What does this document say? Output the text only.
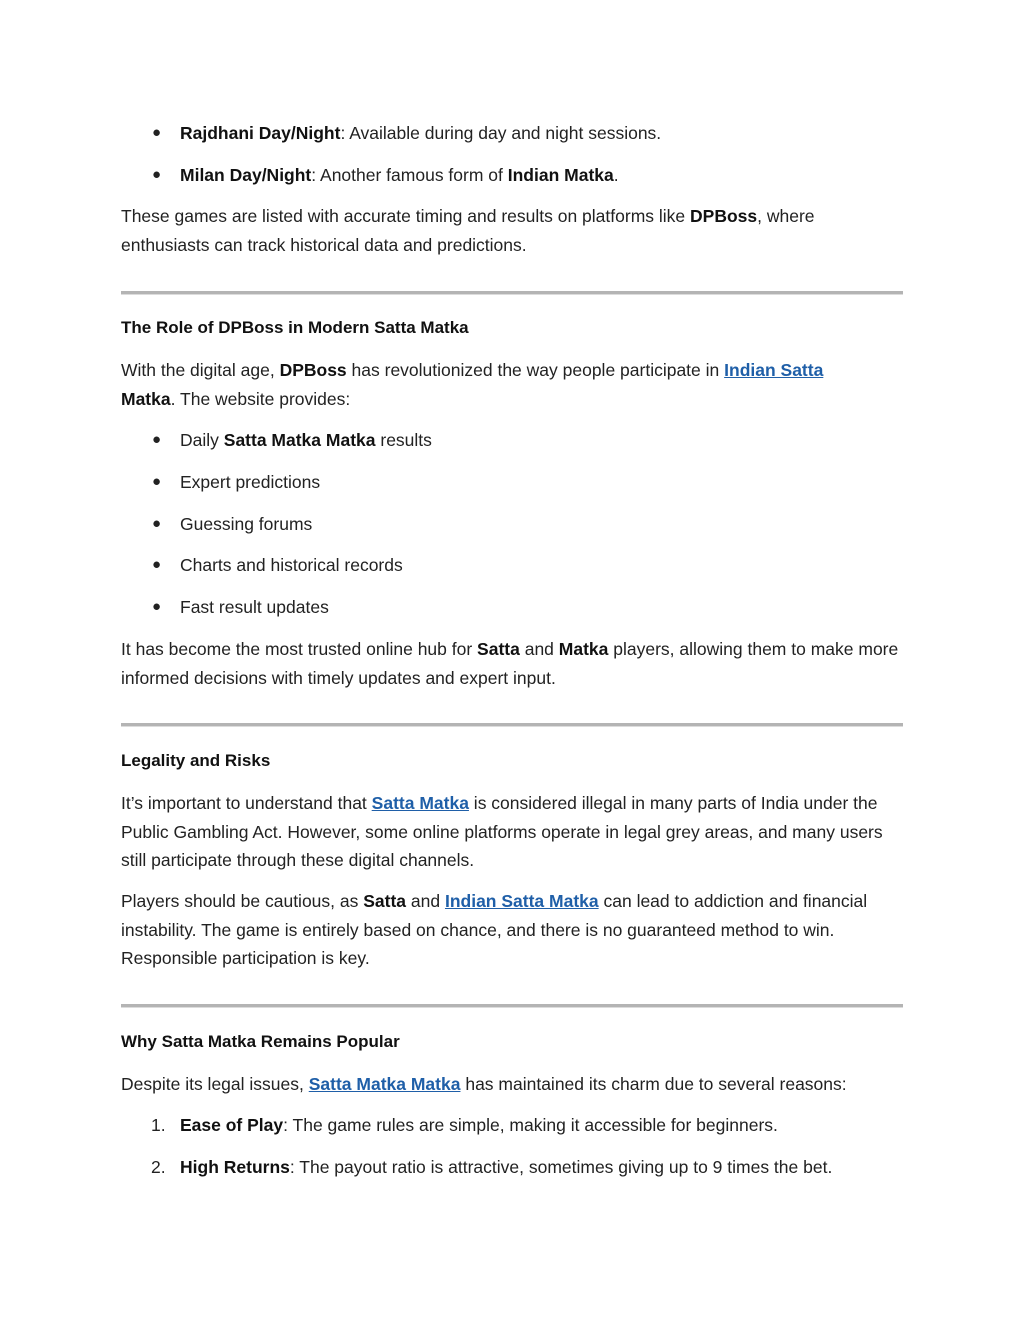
● Rajdhani Day/Night: Available during day and night sessions.
● Milan Day/Night: Another famous form of Indian Matka.

These games are listed with accurate timing and results on platforms like DPBoss, where enthusiasts can track historical data and predictions.

The Role of DPBoss in Modern Satta Matka

With the digital age, DPBoss has revolutionized the way people participate in Indian Satta
Matka. The website provides:

● Daily Satta Matka Matka results
● Expert predictions
● Guessing forums
● Charts and historical records
● Fast result updates

It has become the most trusted online hub for Satta and Matka players, allowing them to make more informed decisions with timely updates and expert input.

Legality and Risks

It’s important to understand that Satta Matka is considered illegal in many parts of India under the Public Gambling Act. However, some online platforms operate in legal grey areas, and many users still participate through these digital channels.

Players should be cautious, as Satta and Indian Satta Matka can lead to addiction and financial instability. The game is entirely based on chance, and there is no guaranteed method to win. Responsible participation is key.

Why Satta Matka Remains Popular

Despite its legal issues, Satta Matka Matka has maintained its charm due to several reasons:

1. Ease of Play: The game rules are simple, making it accessible for beginners.
2. High Returns: The payout ratio is attractive, sometimes giving up to 9 times the bet.
